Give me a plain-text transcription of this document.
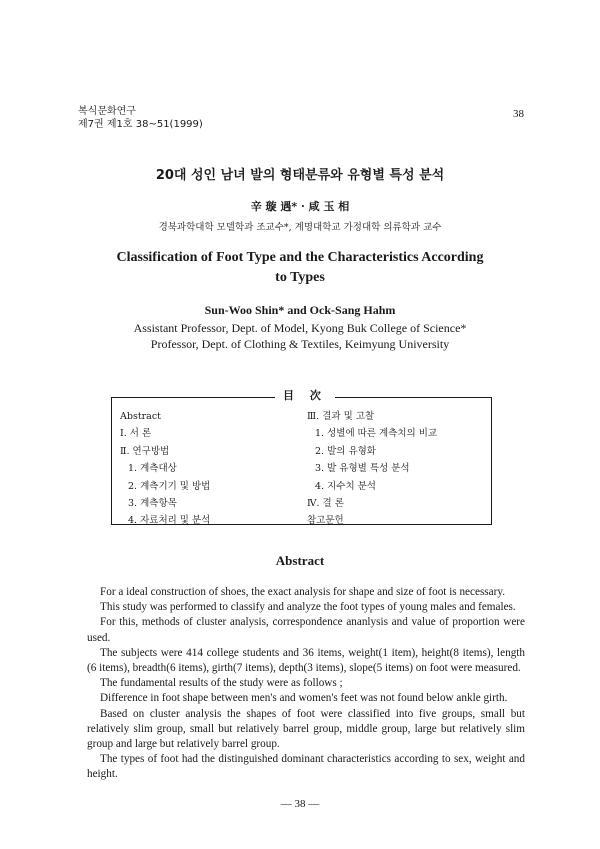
복식문화연구
제7권 제1호 38~51(1999)
38
20대 성인 남녀 발의 형태분류와 유형별 특성 분석
辛 璇 遇* · 咸 玉 相
경북과학대학 모델학과 조교수*, 계명대학교 가정대학 의류학과 교수
Classification of Foot Type and the Characteristics According
to Types
Sun-Woo Shin* and Ock-Sang Hahm
Assistant Professor, Dept. of Model, Kyong Buk College of Science*
Professor, Dept. of Clothing & Textiles, Keimyung University
目 次
Abstract
Ⅰ. 서 론
Ⅱ. 연구방법
1. 계측대상
2. 계측기기 및 방법
3. 계측항목
4. 자료처리 및 분석
Ⅲ. 결과 및 고찰
1. 성별에 따른 계측치의 비교
2. 발의 유형화
3. 발 유형별 특성 분석
4. 지수치 분석
Ⅳ. 결 론
참고문헌
Abstract

For a ideal construction of shoes, the exact analysis for shape and size of foot is necessary.

This study was performed to classify and analyze the foot types of young males and females.

For this, methods of cluster analysis, correspondence ananlysis and value of proportion were used.

The subjects were 414 college students and 36 items, weight(1 item), height(8 items), length (6 items), breadth(6 items), girth(7 items), depth(3 items), slope(5 items) on foot were measured.

The fundamental results of the study were as follows ;

Difference in foot shape between men's and women's feet was not found below ankle girth.

Based on cluster analysis the shapes of foot were classified into five groups, small but relatively slim group, small but relatively barrel group, middle group, large but relatively slim group and large but relatively barrel group.

The types of foot had the distinguished dominant characteristics according to sex, weight and height.

— 38 —
